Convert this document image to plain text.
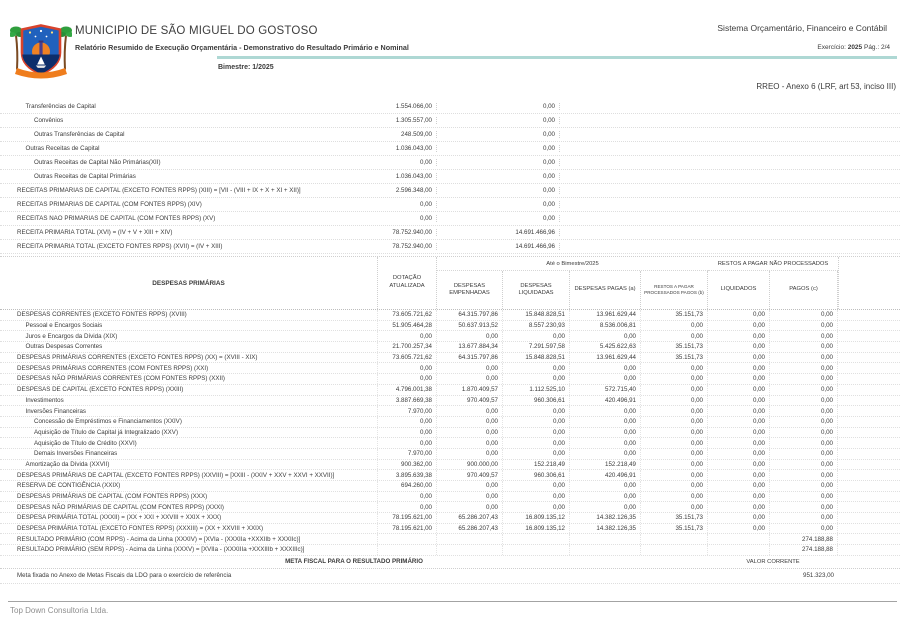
MUNICIPIO DE SÃO MIGUEL DO GOSTOSO
Relatório Resumido de Execução Orçamentária - Demonstrativo do Resultado Primário e Nominal
Bimestre: 1/2025
Sistema Orçamentário, Financeiro e Contábil
Exercício: 2025 Pág.: 2/4
RREO - Anexo 6 (LRF, art 53, inciso III)
Transferências de Capital	1.554.066,00	0,00
Convênios	1.305.557,00	0,00
Outras Transferências de Capital	248.509,00	0,00
Outras Receitas de Capital	1.036.043,00	0,00
Outras Receitas de Capital Não Primárias(XII)	0,00	0,00
Outras Receitas de Capital Primárias	1.036.043,00	0,00
RECEITAS PRIMÁRIAS DE CAPITAL (EXCETO FONTES RPPS) (XIII) = [VII - (VIII + IX + X + XI + XII)]	2.596.348,00	0,00
RECEITAS PRIMÁRIAS DE CAPITAL (COM FONTES RPPS) (XIV)	0,00	0,00
RECEITAS NÃO PRIMÁRIAS DE CAPITAL (COM FONTES RPPS) (XV)	0,00	0,00
RECEITA PRIMÁRIA TOTAL (XVI) = (IV + V + XIII + XIV)	78.752.940,00	14.691.466,96
RECEITA PRIMÁRIA TOTAL (EXCETO FONTES RPPS) (XVII) = (IV + XIII)	78.752.940,00	14.691.466,96
DESPESAS PRIMÁRIAS
DOTAÇÃO ATUALIZADA
Até o Bimestre/2025
DESPESAS EMPENHADAS
DESPESAS LIQUIDADAS
DESPESAS PAGAS (a)	RESTOS A PAGAR PROCESSADOS PAGOS (b)
RESTOS A PAGAR NÃO PROCESSADOS
LIQUIDADOS	PAGOS (c)
DESPESAS CORRENTES (EXCETO FONTES RPPS) (XVIII)	73.605.721,62	64.315.797,86	15.848.828,51	13.961.629,44	35.151,73	0,00	0,00
Pessoal e Encargos Sociais	51.905.464,28	50.637.913,52	8.557.230,93	8.536.006,81	0,00	0,00	0,00
Juros e Encargos da Dívida (XIX)	0,00	0,00	0,00	0,00	0,00	0,00	0,00
Outras Despesas Correntes	21.700.257,34	13.677.884,34	7.291.597,58	5.425.622,63	35.151,73	0,00	0,00
DESPESAS PRIMÁRIAS CORRENTES (EXCETO FONTES RPPS) (XX) = (XVIII - XIX)	73.605.721,62	64.315.797,86	15.848.828,51	13.961.629,44	35.151,73	0,00	0,00
DESPESAS PRIMÁRIAS CORRENTES (COM FONTES RPPS) (XXI)	0,00	0,00	0,00	0,00	0,00	0,00	0,00
DESPESAS NÃO PRIMÁRIAS CORRENTES (COM FONTES RPPS) (XXII)	0,00	0,00	0,00	0,00	0,00	0,00	0,00
DESPESAS DE CAPITAL (EXCETO FONTES RPPS) (XXIII)	4.796.001,38	1.870.409,57	1.112.525,10	572.715,40	0,00	0,00	0,00
Investimentos	3.887.669,38	970.409,57	960.306,61	420.496,91	0,00	0,00	0,00
Inversões Financeiras	7.970,00	0,00	0,00	0,00	0,00	0,00	0,00
Concessão de Empréstimos e Financiamentos (XXIV)	0,00	0,00	0,00	0,00	0,00	0,00	0,00
Aquisição de Título de Capital já Integralizado (XXV)	0,00	0,00	0,00	0,00	0,00	0,00	0,00
Aquisição de Título de Crédito (XXVI)	0,00	0,00	0,00	0,00	0,00	0,00	0,00
Demais Inversões Financeiras	7.970,00	0,00	0,00	0,00	0,00	0,00	0,00
Amortização da Dívida (XXVII)	900.362,00	900.000,00	152.218,49	152.218,49	0,00	0,00	0,00
DESPESAS PRIMÁRIAS DE CAPITAL (EXCETO FONTES RPPS) (XXVIII) = [XXIII - (XXIV + XXV + XXVI + XXVII)]	3.895.639,38	970.409,57	960.306,61	420.496,91	0,00	0,00	0,00
RESERVA DE CONTIGÊNCIA (XXIX)	694.260,00	0,00	0,00	0,00	0,00	0,00	0,00
DESPESAS PRIMÁRIAS DE CAPITAL (COM FONTES RPPS) (XXX)	0,00	0,00	0,00	0,00	0,00	0,00	0,00
DESPESAS NÃO PRIMÁRIAS DE CAPITAL (COM FONTES RPPS) (XXXI)	0,00	0,00	0,00	0,00	0,00	0,00	0,00
DESPESA PRIMÁRIA TOTAL (XXXII) = (XX + XXI + XXVIII + XXIX + XXX)	78.195.621,00	65.286.207,43	16.809.135,12	14.382.126,35	35.151,73	0,00	0,00
DESPESA PRIMÁRIA TOTAL (EXCETO FONTES RPPS) (XXXIII) = (XX + XXVIII + XXIX)	78.195.621,00	65.286.207,43	16.809.135,12	14.382.126,35	35.151,73	0,00	0,00
RESULTADO PRIMÁRIO (COM RPPS) - Acima da Linha (XXXIV) = [XVIa - (XXXIIa +XXXIIb + XXXIIc)]	274.188,88
RESULTADO PRIMÁRIO (SEM RPPS) - Acima da Linha (XXXV) = [XVIIa - (XXXIIIa +XXXIIIb + XXXIIIc)]	274.188,88
META FISCAL PARA O RESULTADO PRIMÁRIO	VALOR CORRENTE
Meta fixada no Anexo de Metas Fiscais da LDO para o exercício de referência	951.323,00
Top Down Consultoria Ltda.
